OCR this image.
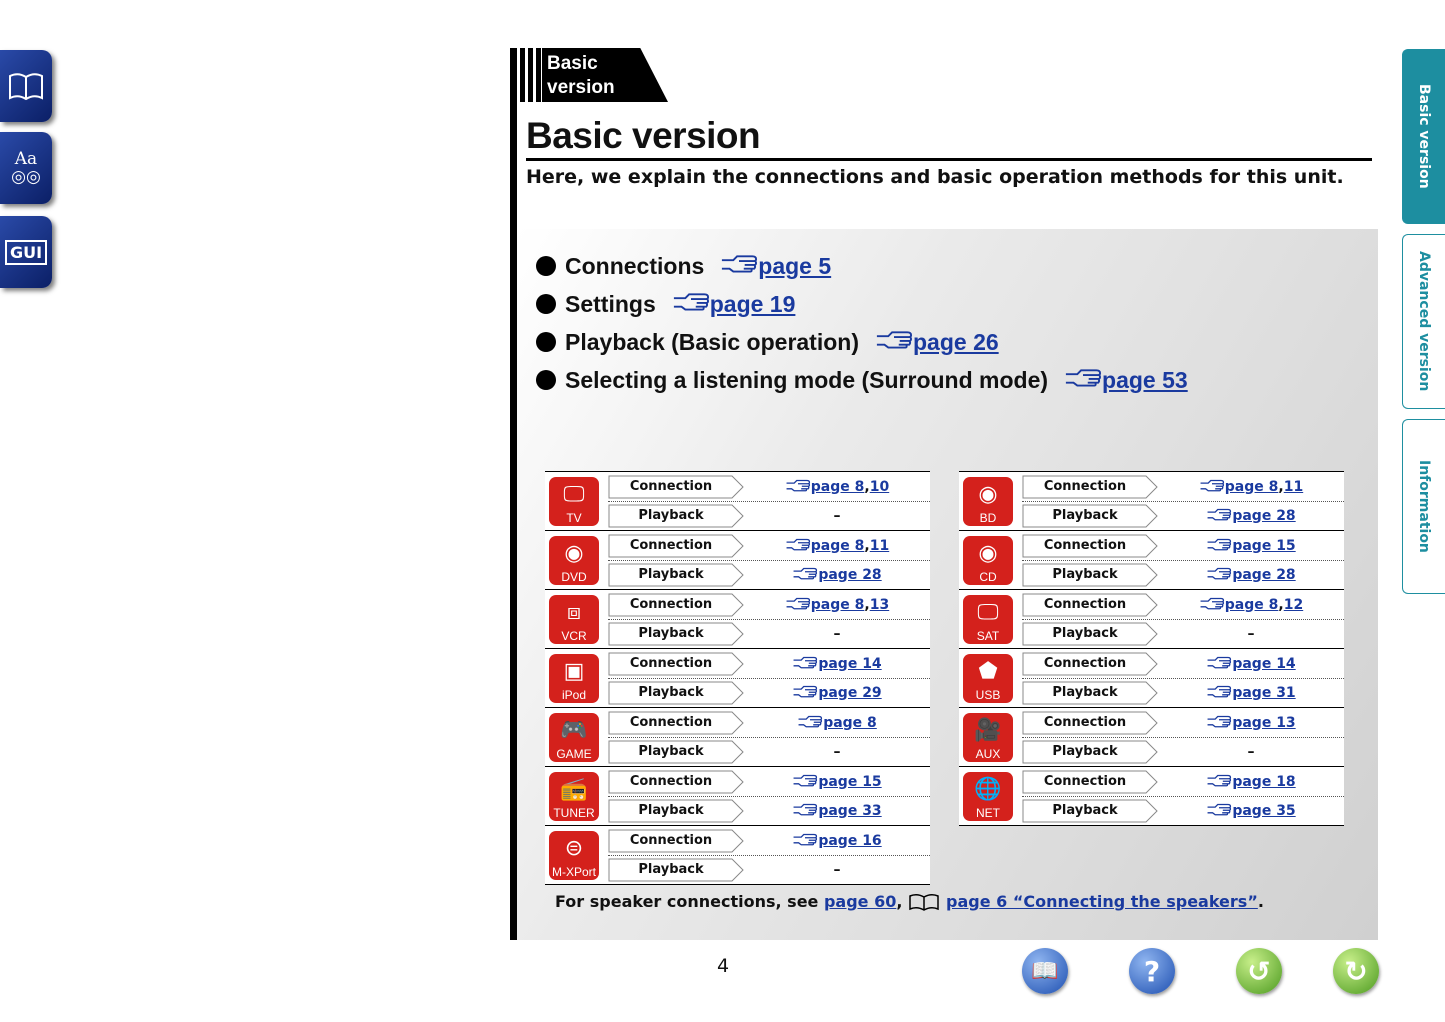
Aa
◎◎
GUI
Basic version
Advanced version
Information
Basic
version
Basic version
Here, we explain the connections and basic operation methods for this unit.
Connections page 5
Settings page 19
Playback (Basic operation) page 26
Selecting a listening mode (Surround mode) page 53
🖵
TV
Connection	page 8 , 10
Playback	–
◉
DVD
Connection	page 8 , 11
Playback	page 28
⧈
VCR
Connection	page 8 , 13
Playback	–
▣
iPod
Connection	page 14
Playback	page 29
🎮
GAME
Connection	page 8
Playback	–
📻
TUNER
Connection	page 15
Playback	page 33
⊜
M-XPort
Connection	page 16
Playback	–
◉
BD
Connection	page 8 , 11
Playback	page 28
◉
CD
Connection	page 15
Playback	page 28
🖵
SAT
Connection	page 8 , 12
Playback	–
⬟
USB
Connection	page 14
Playback	page 31
🎥
AUX
Connection	page 13
Playback	–
🌐
NET
Connection	page 18
Playback	page 35
For speaker connections, see page 60 , page 6 “Connecting the speakers” .
4	📖	?	↺	↻
